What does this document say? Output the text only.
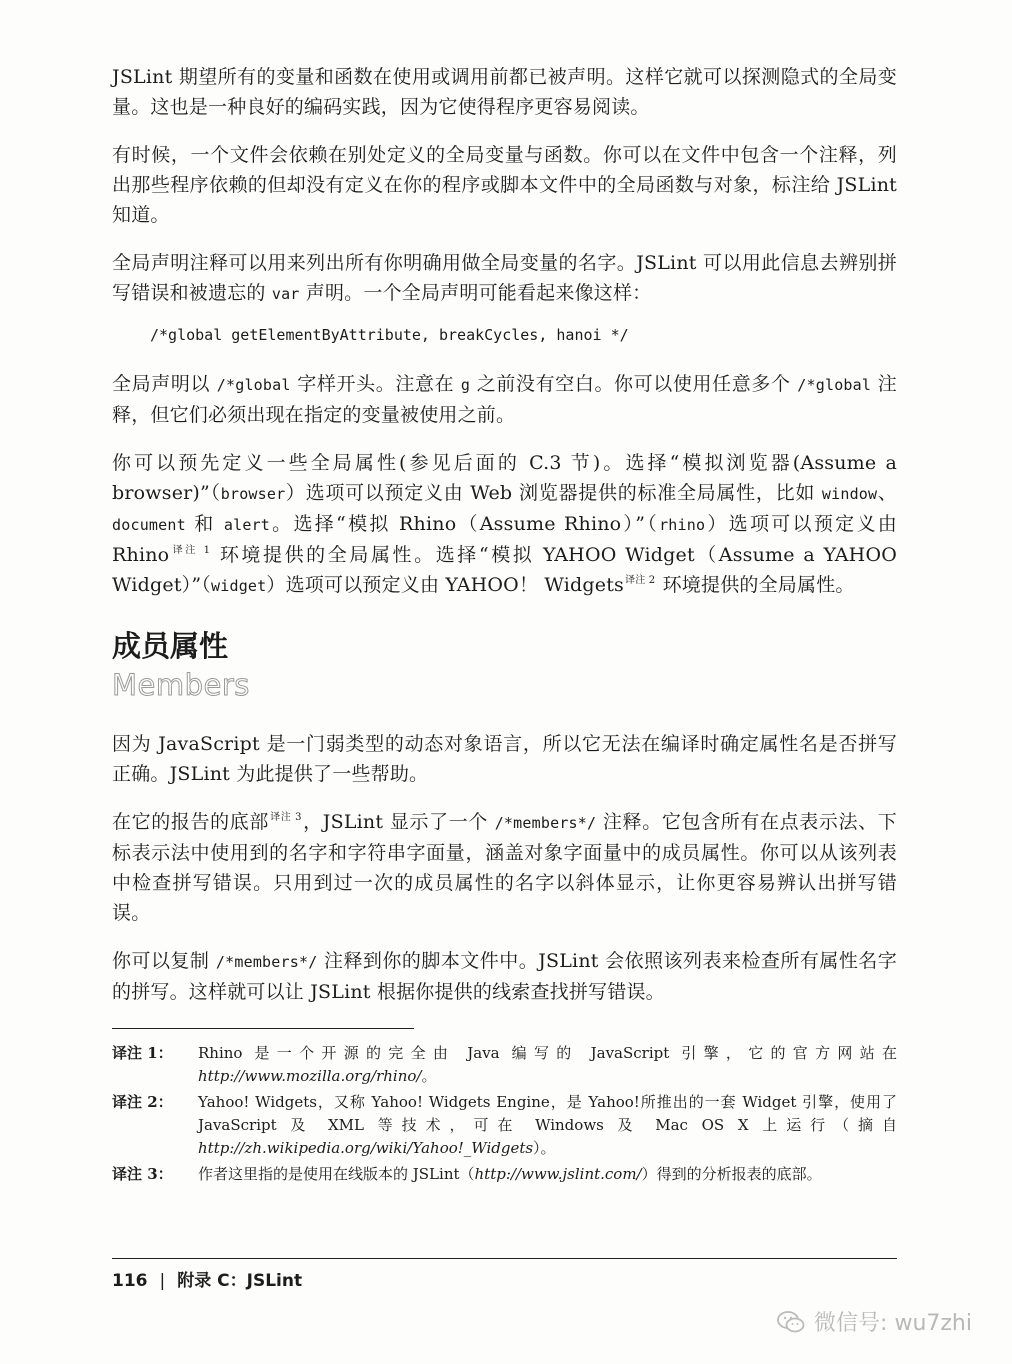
JSLint 期望所有的变量和函数在使用或调用前都已被声明。这样它就可以探测隐式的全局变量。这也是一种良好的编码实践，因为它使得程序更容易阅读。

有时候，一个文件会依赖在别处定义的全局变量与函数。你可以在文件中包含一个注释，列出那些程序依赖的但却没有定义在你的程序或脚本文件中的全局函数与对象，标注给 JSLint 知道。

全局声明注释可以用来列出所有你明确用做全局变量的名字。JSLint 可以用此信息去辨别拼写错误和被遗忘的 var 声明。一个全局声明可能看起来像这样：

/*global getElementByAttribute, breakCycles, hanoi */

全局声明以 /*global 字样开头。注意在 g 之前没有空白。你可以使用任意多个 /*global 注释，但它们必须出现在指定的变量被使用之前。

你可以预先定义一些全局属性(参见后面的 C.3 节)。选择“模拟浏览器(Assume a browser)”（browser）选项可以预定义由 Web 浏览器提供的标准全局属性，比如 window、document 和 alert。选择“模拟 Rhino（Assume Rhino）”（rhino）选项可以预定义由 Rhino$^{译注 1}$ 环境提供的全局属性。选择“模拟 YAHOO Widget（Assume a YAHOO Widget）”（widget）选项可以预定义由 YAHOO！ Widgets$^{译注 2}$ 环境提供的全局属性。

成员属性
Members

因为 JavaScript 是一门弱类型的动态对象语言，所以它无法在编译时确定属性名是否拼写正确。JSLint 为此提供了一些帮助。

在它的报告的底部$^{译注 3}$，JSLint 显示了一个 /*members*/ 注释。它包含所有在点表示法、下标表示法中使用到的名字和字符串字面量，涵盖对象字面量中的成员属性。你可以从该列表中检查拼写错误。只用到过一次的成员属性的名字以斜体显示，让你更容易辨认出拼写错误。

你可以复制 /*members*/ 注释到你的脚本文件中。JSLint 会依照该列表来检查所有属性名字的拼写。这样就可以让 JSLint 根据你提供的线索查找拼写错误。

译注 1：	Rhino 是一个开源的完全由 Java 编写的 JavaScript 引擎，它的官方网站在 http://www.mozilla.org/rhino/。
译注 2：	Yahoo! Widgets，又称 Yahoo! Widgets Engine，是 Yahoo!所推出的一套 Widget 引擎，使用了 JavaScript 及 XML 等技术，可在 Windows 及 Mac OS X 上运行（摘自 http://zh.wikipedia.org/wiki/Yahoo!_Widgets）。
译注 3：	作者这里指的是使用在线版本的 JSLint（http://www.jslint.com/）得到的分析报表的底部。
116 | 附录 C：JSLint
微信号: wu7zhi
